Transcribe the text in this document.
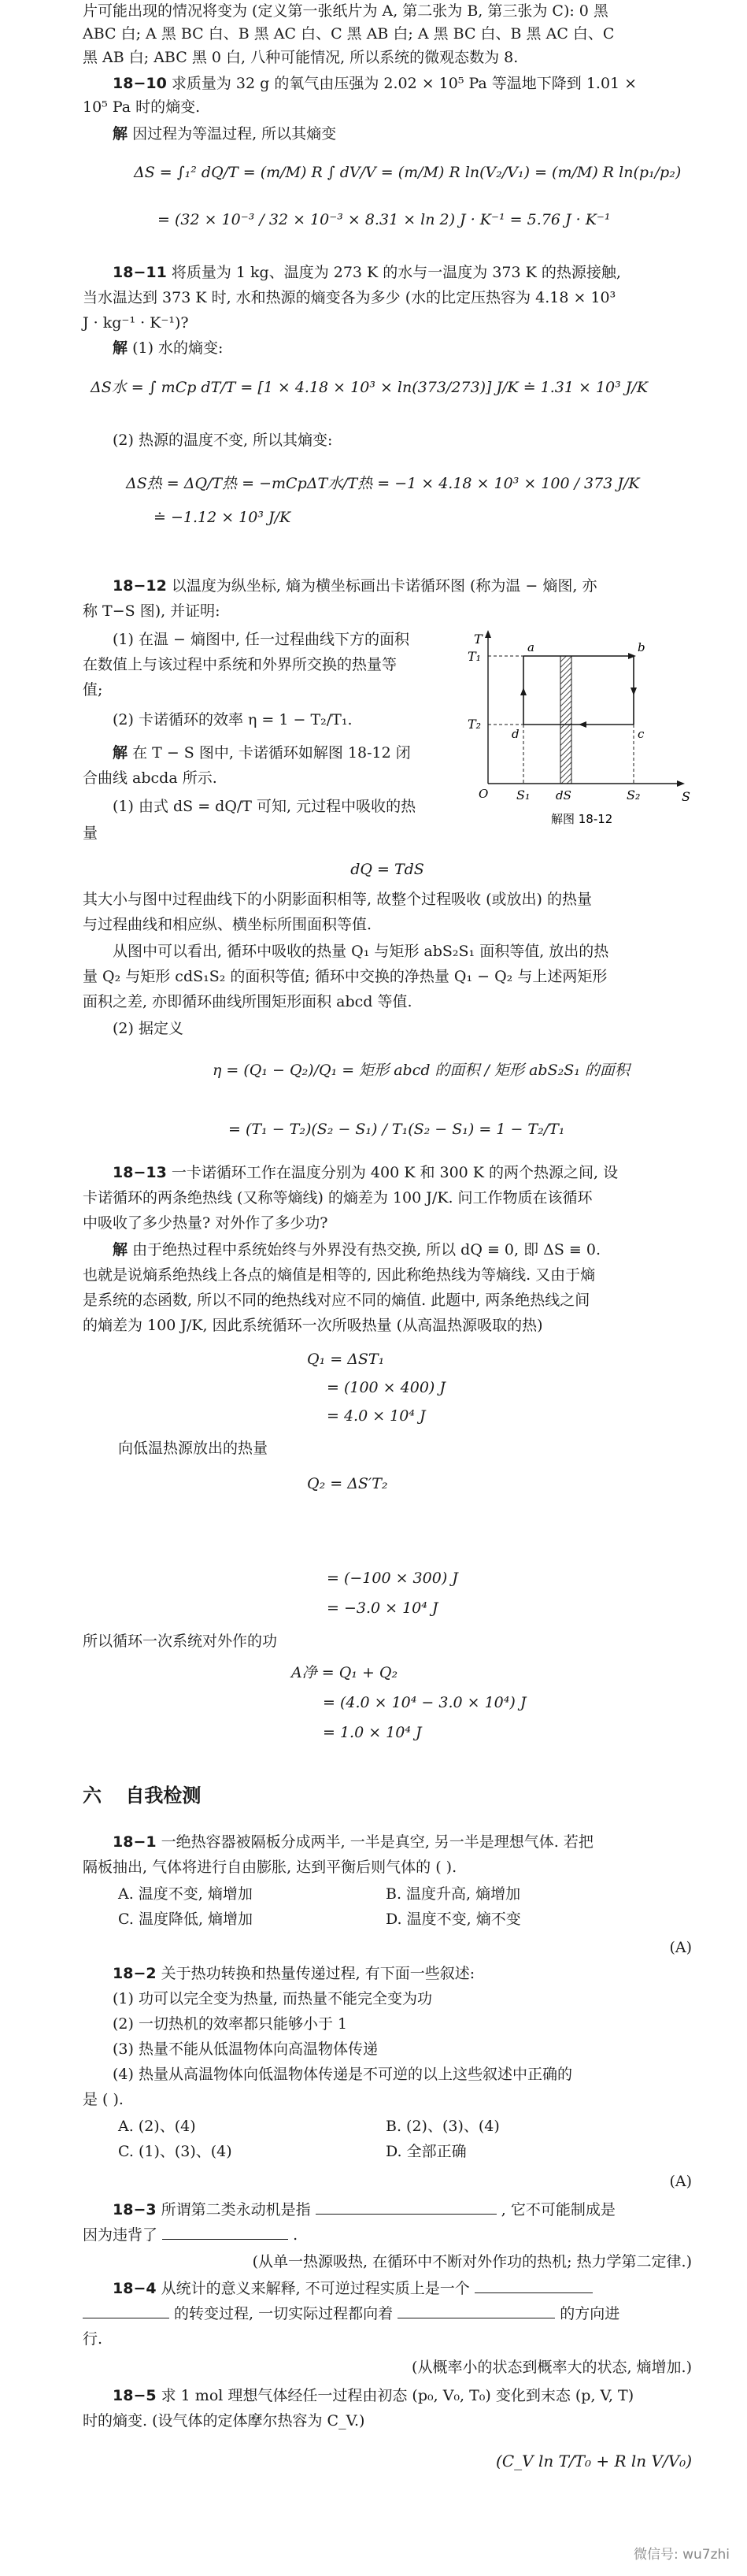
片可能出现的情况将变为 (定义第一张纸片为 A, 第二张为 B, 第三张为 C): 0 黑
ABC 白; A 黑 BC 白、B 黑 AC 白、C 黑 AB 白; A 黑 BC 白、B 黑 AC 白、C
黑 AB 白; ABC 黑 0 白, 八种可能情况, 所以系统的微观态数为 8.
18−10 求质量为 32 g 的氧气由压强为 2.02 × 10⁵ Pa 等温地下降到 1.01 ×
10⁵ Pa 时的熵变.
解 因过程为等温过程, 所以其熵变
ΔS = ∫₁² dQ/T = (m/M) R ∫ dV/V = (m/M) R ln(V₂/V₁) = (m/M) R ln(p₁/p₂)
= (32 × 10⁻³ / 32 × 10⁻³ × 8.31 × ln 2) J · K⁻¹ = 5.76 J · K⁻¹
18−11 将质量为 1 kg、温度为 273 K 的水与一温度为 373 K 的热源接触,
当水温达到 373 K 时, 水和热源的熵变各为多少 (水的比定压热容为 4.18 × 10³
J · kg⁻¹ · K⁻¹)?
解 (1) 水的熵变:
ΔS水 = ∫ mCp dT/T = [1 × 4.18 × 10³ × ln(373/273)] J/K ≐ 1.31 × 10³ J/K
(2) 热源的温度不变, 所以其熵变:
ΔS热 = ΔQ/T热 = −mCpΔT水/T热 = −1 × 4.18 × 10³ × 100 / 373 J/K
≐ −1.12 × 10³ J/K
18−12 以温度为纵坐标, 熵为横坐标画出卡诺循环图 (称为温 − 熵图, 亦
称 T−S 图), 并证明:
(1) 在温 − 熵图中, 任一过程曲线下方的面积
在数值上与该过程中系统和外界所交换的热量等
值;
(2) 卡诺循环的效率 η = 1 − T₂/T₁.
解 在 T − S 图中, 卡诺循环如解图 18-12 闭
合曲线 abcda 所示.
(1) 由式 dS = dQ/T 可知, 元过程中吸收的热
量
T
T₁
T₂
O S₁ dS	S₂	S
a	b
c
d
解图 18-12
dQ = TdS
其大小与图中过程曲线下的小阴影面积相等, 故整个过程吸收 (或放出) 的热量
与过程曲线和相应纵、横坐标所围面积等值.
从图中可以看出, 循环中吸收的热量 Q₁ 与矩形 abS₂S₁ 面积等值, 放出的热
量 Q₂ 与矩形 cdS₁S₂ 的面积等值; 循环中交换的净热量 Q₁ − Q₂ 与上述两矩形
面积之差, 亦即循环曲线所围矩形面积 abcd 等值.
(2) 据定义
η = (Q₁ − Q₂)/Q₁ = 矩形 abcd 的面积 / 矩形 abS₂S₁ 的面积
= (T₁ − T₂)(S₂ − S₁) / T₁(S₂ − S₁) = 1 − T₂/T₁
18−13 一卡诺循环工作在温度分别为 400 K 和 300 K 的两个热源之间, 设
卡诺循环的两条绝热线 (又称等熵线) 的熵差为 100 J/K. 问工作物质在该循环
中吸收了多少热量? 对外作了多少功?
解 由于绝热过程中系统始终与外界没有热交换, 所以 dQ ≡ 0, 即 ΔS ≡ 0.
也就是说熵系绝热线上各点的熵值是相等的, 因此称绝热线为等熵线. 又由于熵
是系统的态函数, 所以不同的绝热线对应不同的熵值. 此题中, 两条绝热线之间
的熵差为 100 J/K, 因此系统循环一次所吸热量 (从高温热源吸取的热)
Q₁ = ΔST₁
= (100 × 400) J
= 4.0 × 10⁴ J
向低温热源放出的热量
Q₂ = ΔS′T₂
= (−100 × 300) J
= −3.0 × 10⁴ J
所以循环一次系统对外作的功
A净 = Q₁ + Q₂
= (4.0 × 10⁴ − 3.0 × 10⁴) J
= 1.0 × 10⁴ J
六 自我检测
18−1 一绝热容器被隔板分成两半, 一半是真空, 另一半是理想气体. 若把
隔板抽出, 气体将进行自由膨胀, 达到平衡后则气体的 ( ).
A. 温度不变, 熵增加	B. 温度升高, 熵增加
C. 温度降低, 熵增加	D. 温度不变, 熵不变
(A)
18−2 关于热功转换和热量传递过程, 有下面一些叙述:
(1) 功可以完全变为热量, 而热量不能完全变为功
(2) 一切热机的效率都只能够小于 1
(3) 热量不能从低温物体向高温物体传递
(4) 热量从高温物体向低温物体传递是不可逆的以上这些叙述中正确的
是 ( ).
A. (2)、(4)	B. (2)、(3)、(4)
C. (1)、(3)、(4)	D. 全部正确
(A)
18−3 所谓第二类永动机是指	, 它不可能制成是
因为违背了	.
(从单一热源吸热, 在循环中不断对外作功的热机; 热力学第二定律.)
18−4 从统计的意义来解释, 不可逆过程实质上是一个
的转变过程, 一切实际过程都向着	的方向进
行.
(从概率小的状态到概率大的状态, 熵增加.)
18−5 求 1 mol 理想气体经任一过程由初态 (p₀, V₀, T₀) 变化到末态 (p, V, T)
时的熵变. (设气体的定体摩尔热容为 C_V.)
(C_V ln T/T₀ + R ln V/V₀)
微信号: wu7zhi
